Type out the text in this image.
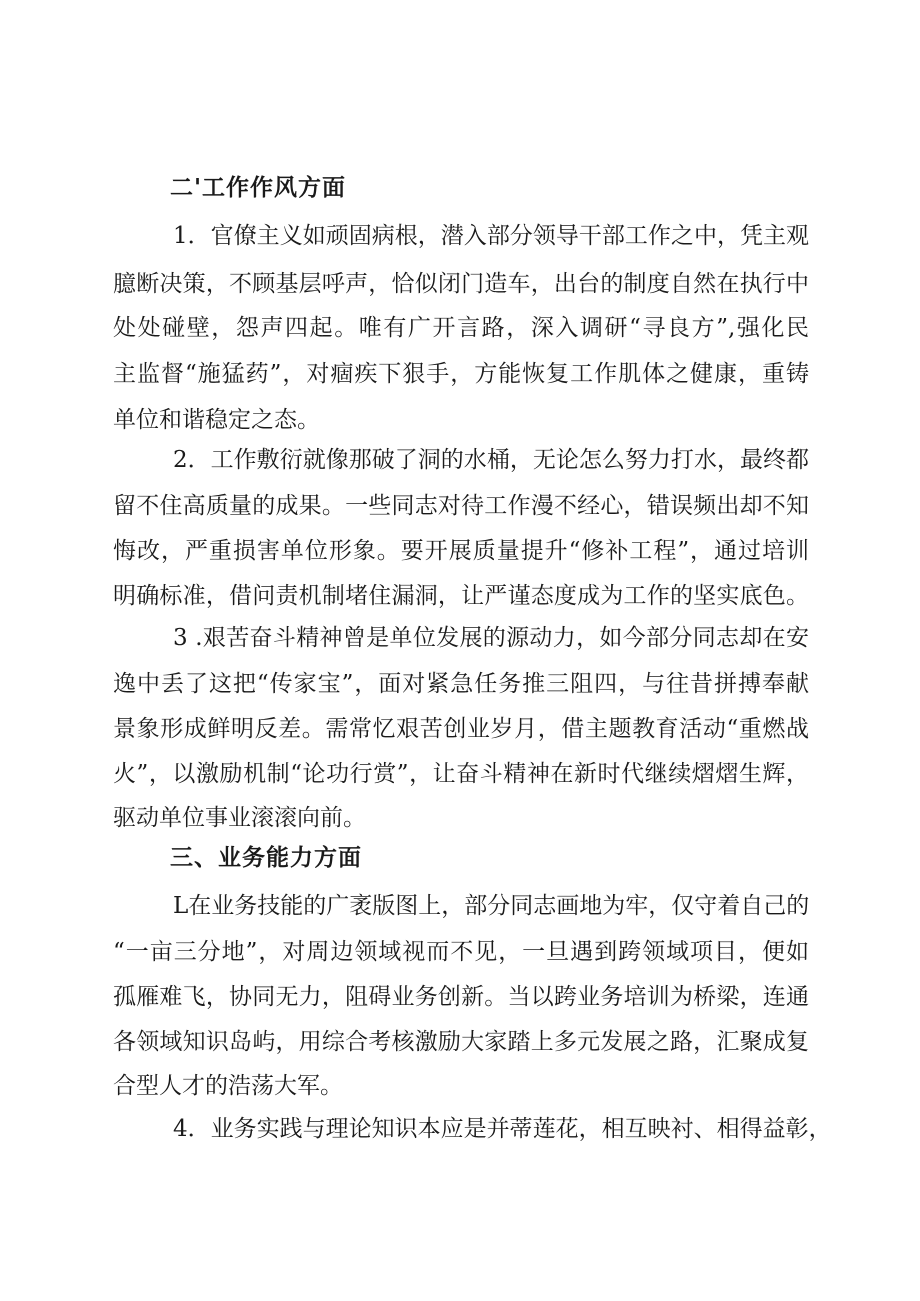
二'工作作风方面
1．官僚主义如顽固病根，潜入部分领导干部工作之中，凭主观
臆断决策，不顾基层呼声，恰似闭门造车，出台的制度自然在执行中
处处碰壁，怨声四起。唯有广开言路，深入调研“寻良方”,强化民
主监督“施猛药”，对痼疾下狠手，方能恢复工作肌体之健康，重铸
单位和谐稳定之态。
2．工作敷衍就像那破了洞的水桶，无论怎么努力打水，最终都
留不住高质量的成果。一些同志对待工作漫不经心，错误频出却不知
悔改，严重损害单位形象。要开展质量提升“修补工程”，通过培训
明确标准，借问责机制堵住漏洞，让严谨态度成为工作的坚实底色。
3 .艰苦奋斗精神曾是单位发展的源动力，如今部分同志却在安
逸中丢了这把“传家宝”，面对紧急任务推三阻四，与往昔拼搏奉献
景象形成鲜明反差。需常忆艰苦创业岁月，借主题教育活动“重燃战
火”，以激励机制“论功行赏”，让奋斗精神在新时代继续熠熠生辉，
驱动单位事业滚滚向前。
三、业务能力方面
L在业务技能的广袤版图上，部分同志画地为牢，仅守着自己的
“一亩三分地”，对周边领域视而不见，一旦遇到跨领域项目，便如
孤雁难飞，协同无力，阻碍业务创新。当以跨业务培训为桥梁，连通
各领域知识岛屿，用综合考核激励大家踏上多元发展之路，汇聚成复
合型人才的浩荡大军。
4．业务实践与理论知识本应是并蒂莲花，相互映衬、相得益彰，
